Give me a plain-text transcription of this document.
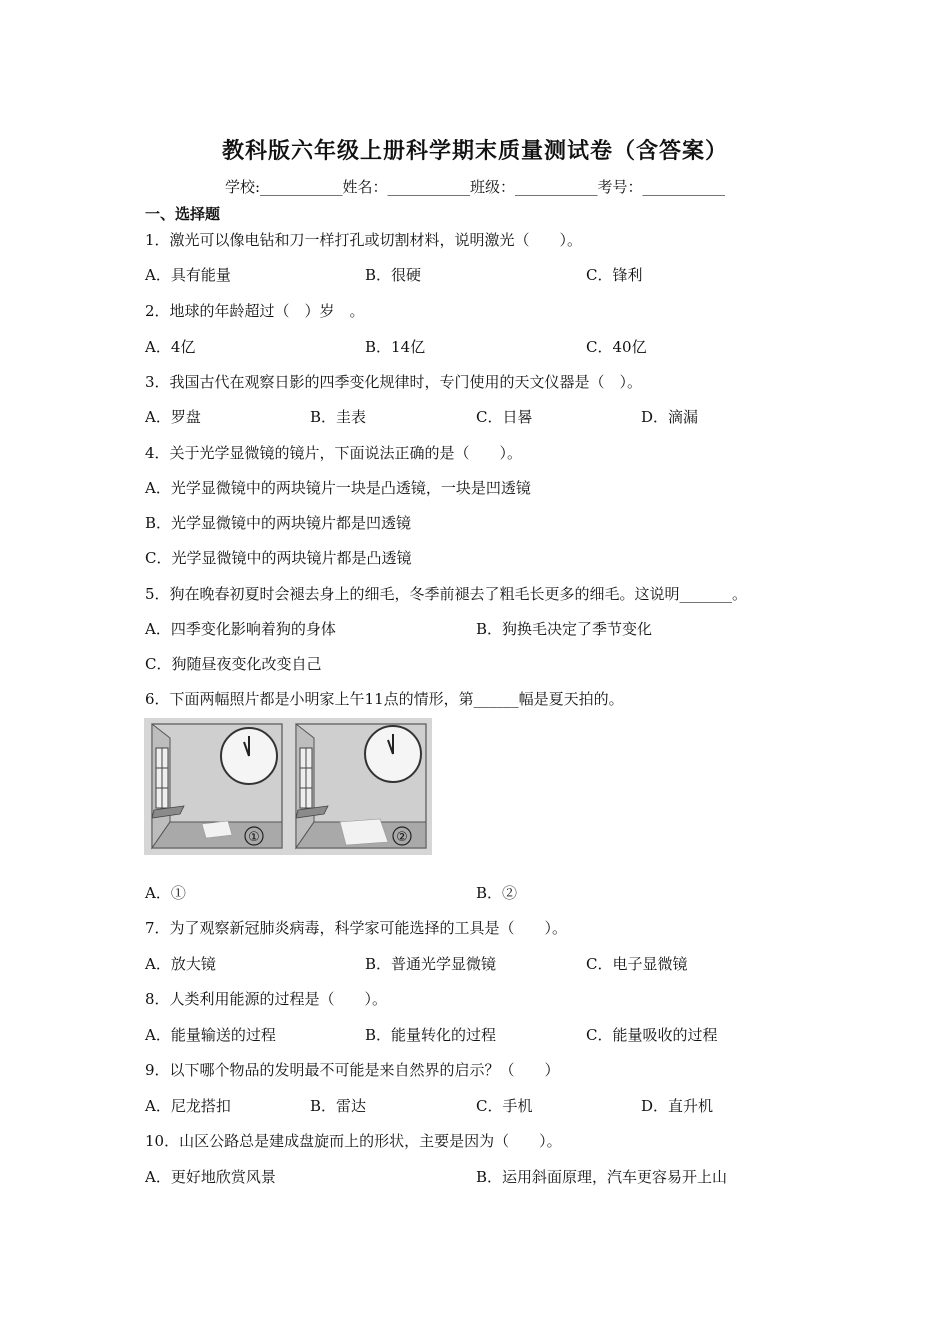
教科版六年级上册科学期末质量测试卷（含答案）
学校:___________姓名：___________班级：___________考号：___________
一、选择题
1．激光可以像电钻和刀一样打孔或切割材料，说明激光（　　）。
A．具有能量	B．很硬	C．锋利
2．地球的年龄超过（　）岁　。
A．4亿	B．14亿	C．40亿
3．我国古代在观察日影的四季变化规律时，专门使用的天文仪器是（　）。
A．罗盘	B．圭表	C．日晷	D．滴漏
4．关于光学显微镜的镜片，下面说法正确的是（　　）。
A．光学显微镜中的两块镜片一块是凸透镜，一块是凹透镜
B．光学显微镜中的两块镜片都是凹透镜
C．光学显微镜中的两块镜片都是凸透镜
5．狗在晚春初夏时会褪去身上的细毛，冬季前褪去了粗毛长更多的细毛。这说明_______。
A．四季变化影响着狗的身体	B．狗换毛决定了季节变化
C．狗随昼夜变化改变自己
6．下面两幅照片都是小明家上午11点的情形，第______幅是夏天拍的。
①	②
A．①	B．②
7．为了观察新冠肺炎病毒，科学家可能选择的工具是（　　）。
A．放大镜	B．普通光学显微镜	C．电子显微镜
8．人类利用能源的过程是（　　）。
A．能量输送的过程	B．能量转化的过程	C．能量吸收的过程
9．以下哪个物品的发明最不可能是来自然界的启示？（　　）
A．尼龙搭扣	B．雷达	C．手机	D．直升机
10．山区公路总是建成盘旋而上的形状，主要是因为（　　）。
A．更好地欣赏风景	B．运用斜面原理，汽车更容易开上山
